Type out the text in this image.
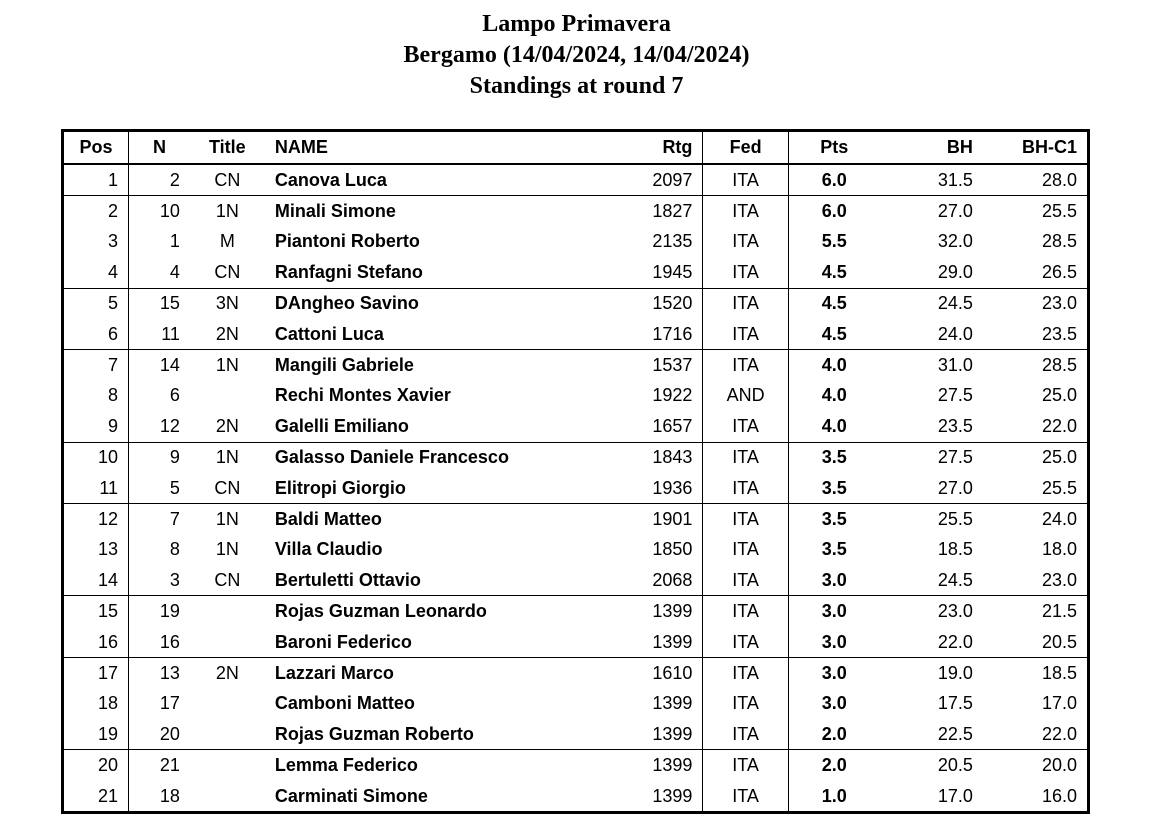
Lampo Primavera
Bergamo (14/04/2024, 14/04/2024)
Standings at round 7
Pos	N	Title	NAME	Rtg	Fed	Pts	BH	BH-C1
1	2	CN	Canova Luca	2097	ITA	6.0	31.5	28.0
2	10	1N	Minali Simone	1827	ITA	6.0	27.0	25.5
3	1	M	Piantoni Roberto	2135	ITA	5.5	32.0	28.5
4	4	CN	Ranfagni Stefano	1945	ITA	4.5	29.0	26.5
5	15	3N	DAngheo Savino	1520	ITA	4.5	24.5	23.0
6	11	2N	Cattoni Luca	1716	ITA	4.5	24.0	23.5
7	14	1N	Mangili Gabriele	1537	ITA	4.0	31.0	28.5
8	6		Rechi Montes Xavier	1922	AND	4.0	27.5	25.0
9	12	2N	Galelli Emiliano	1657	ITA	4.0	23.5	22.0
10	9	1N	Galasso Daniele Francesco	1843	ITA	3.5	27.5	25.0
11	5	CN	Elitropi Giorgio	1936	ITA	3.5	27.0	25.5
12	7	1N	Baldi Matteo	1901	ITA	3.5	25.5	24.0
13	8	1N	Villa Claudio	1850	ITA	3.5	18.5	18.0
14	3	CN	Bertuletti Ottavio	2068	ITA	3.0	24.5	23.0
15	19		Rojas Guzman Leonardo	1399	ITA	3.0	23.0	21.5
16	16		Baroni Federico	1399	ITA	3.0	22.0	20.5
17	13	2N	Lazzari Marco	1610	ITA	3.0	19.0	18.5
18	17		Camboni Matteo	1399	ITA	3.0	17.5	17.0
19	20		Rojas Guzman Roberto	1399	ITA	2.0	22.5	22.0
20	21		Lemma Federico	1399	ITA	2.0	20.5	20.0
21	18		Carminati Simone	1399	ITA	1.0	17.0	16.0
